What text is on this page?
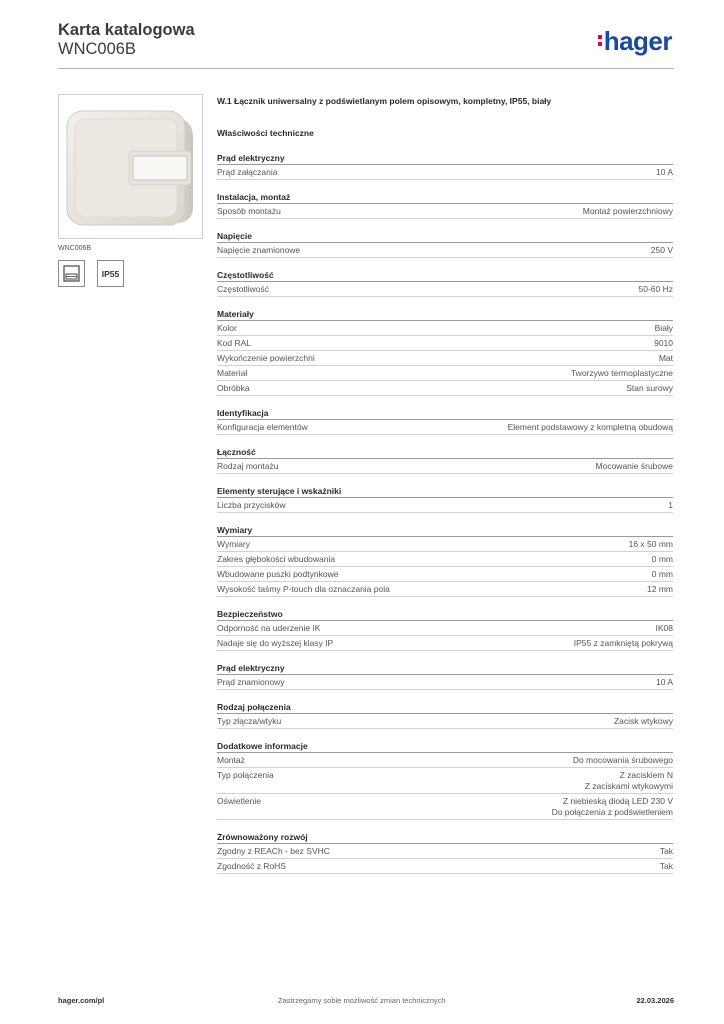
Karta katalogowa
WNC006B	hager
WNC006B
IP55
W.1 Łącznik uniwersalny z podświetlanym polem opisowym, kompletny, IP55, biały
Właściwości techniczne
Prąd elektryczny
Prąd załączania	10 A
Instalacja, montaż
Sposób montażu	Montaż powierzchniowy
Napięcie
Napięcie znamionowe	250 V
Częstotliwość
Częstotliwość	50-60 Hz
Materiały
Kolor	Biały
Kod RAL	9010
Wykończenie powierzchni	Mat
Materiał	Tworzywo termoplastyczne
Obróbka	Stan surowy
Identyfikacja
Konfiguracja elementów	Element podstawowy z kompletną obudową
Łączność
Rodzaj montażu	Mocowanie śrubowe
Elementy sterujące i wskaźniki
Liczba przycisków	1
Wymiary
Wymiary	16 x 50 mm
Zakres głębokości wbudowania	0 mm
Wbudowane puszki podtynkowe	0 mm
Wysokość taśmy P-touch dla oznaczania pola	12 mm
Bezpieczeństwo
Odporność na uderzenie IK	IK08
Nadaje się do wyższej klasy IP	IP55 z zamkniętą pokrywą
Prąd elektryczny
Prąd znamionowy	10 A
Rodzaj połączenia
Typ złącza/wtyku	Zacisk wtykowy
Dodatkowe informacje
Montaż	Do mocowania śrubowego
Typ połączenia	Z zaciskiem N
Z zaciskami wtykowymi
Oświetlenie	Z niebieską diodą LED 230 V
Do połączenia z podświetleniem
Zrównoważony rozwój
Zgodny z REACh - bez SVHC	Tak
Zgodność z RoHS	Tak
hager.com/pl	Zastrzegamy sobie możliwość zmian technicznych	22.03.2026
